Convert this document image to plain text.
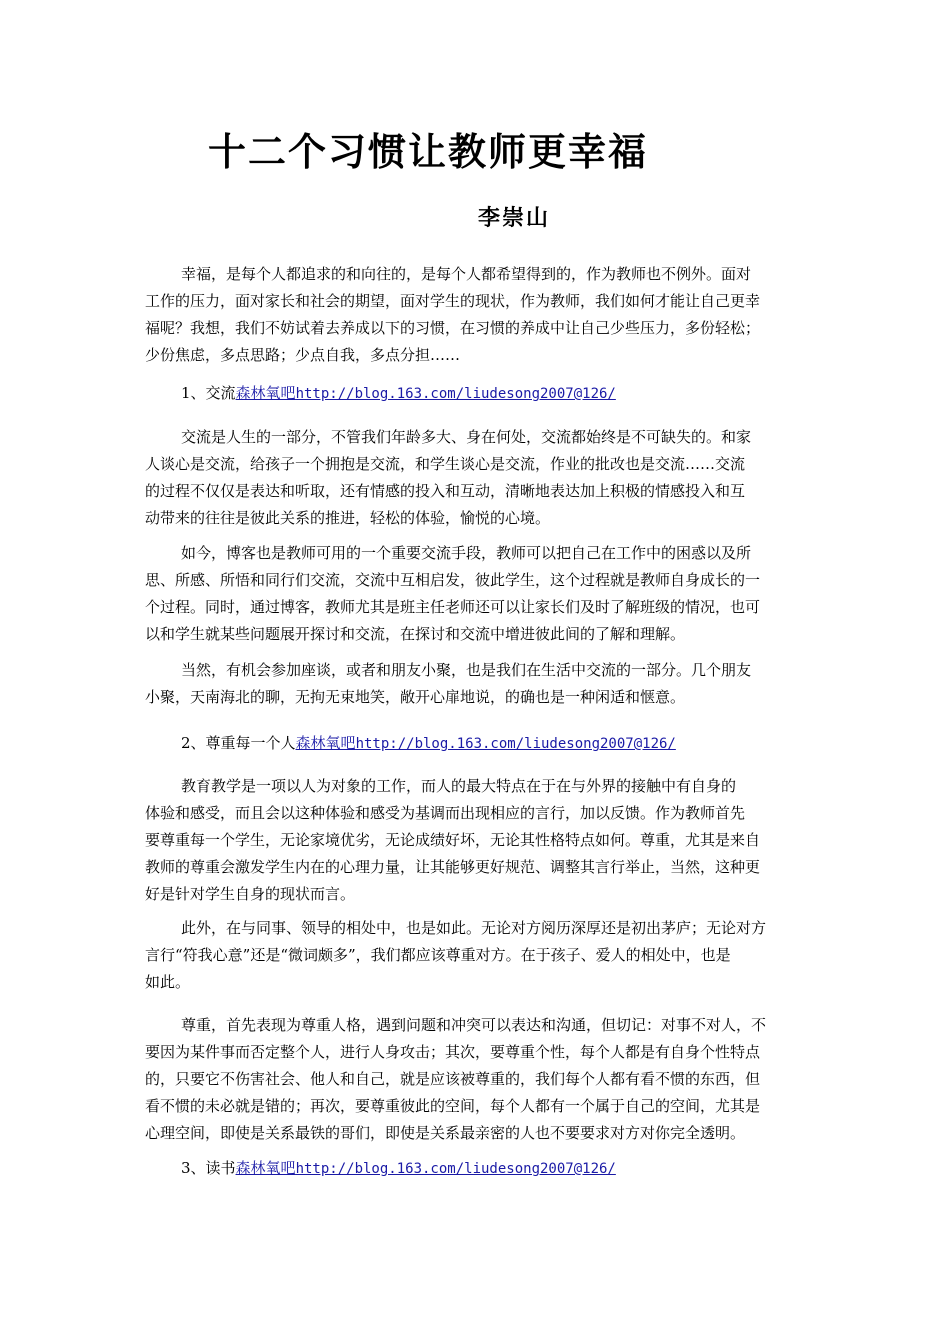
十二个习惯让教师更幸福
李崇山
幸福，是每个人都追求的和向往的，是每个人都希望得到的，作为教师也不例外。面对
工作的压力，面对家长和社会的期望，面对学生的现状，作为教师，我们如何才能让自己更幸
福呢？我想，我们不妨试着去养成以下的习惯，在习惯的养成中让自己少些压力，多份轻松；
少份焦虑，多点思路；少点自我，多点分担……
1、交流森林氧吧http://blog.163.com/liudesong2007@126/
交流是人生的一部分，不管我们年龄多大、身在何处，交流都始终是不可缺失的。和家
人谈心是交流，给孩子一个拥抱是交流，和学生谈心是交流，作业的批改也是交流……交流
的过程不仅仅是表达和听取，还有情感的投入和互动，清晰地表达加上积极的情感投入和互
动带来的往往是彼此关系的推进，轻松的体验，愉悦的心境。
如今，博客也是教师可用的一个重要交流手段，教师可以把自己在工作中的困惑以及所
思、所感、所悟和同行们交流，交流中互相启发，彼此学生，这个过程就是教师自身成长的一
个过程。同时，通过博客，教师尤其是班主任老师还可以让家长们及时了解班级的情况，也可
以和学生就某些问题展开探讨和交流，在探讨和交流中增进彼此间的了解和理解。
当然，有机会参加座谈，或者和朋友小聚，也是我们在生活中交流的一部分。几个朋友
小聚，天南海北的聊，无拘无束地笑，敞开心扉地说，的确也是一种闲适和惬意。
2、尊重每一个人森林氧吧http://blog.163.com/liudesong2007@126/
教育教学是一项以人为对象的工作，而人的最大特点在于在与外界的接触中有自身的
体验和感受，而且会以这种体验和感受为基调而出现相应的言行，加以反馈。作为教师首先
要尊重每一个学生，无论家境优劣，无论成绩好坏，无论其性格特点如何。尊重，尤其是来自
教师的尊重会激发学生内在的心理力量，让其能够更好规范、调整其言行举止，当然，这种更
好是针对学生自身的现状而言。
此外，在与同事、领导的相处中，也是如此。无论对方阅历深厚还是初出茅庐；无论对方
言行“符我心意”还是“微词颇多”，我们都应该尊重对方。在于孩子、爱人的相处中，也是
如此。
尊重，首先表现为尊重人格，遇到问题和冲突可以表达和沟通，但切记：对事不对人，不
要因为某件事而否定整个人，进行人身攻击；其次，要尊重个性，每个人都是有自身个性特点
的，只要它不伤害社会、他人和自己，就是应该被尊重的，我们每个人都有看不惯的东西，但
看不惯的未必就是错的；再次，要尊重彼此的空间，每个人都有一个属于自己的空间，尤其是
心理空间，即使是关系最铁的哥们，即使是关系最亲密的人也不要要求对方对你完全透明。
3、读书森林氧吧http://blog.163.com/liudesong2007@126/
